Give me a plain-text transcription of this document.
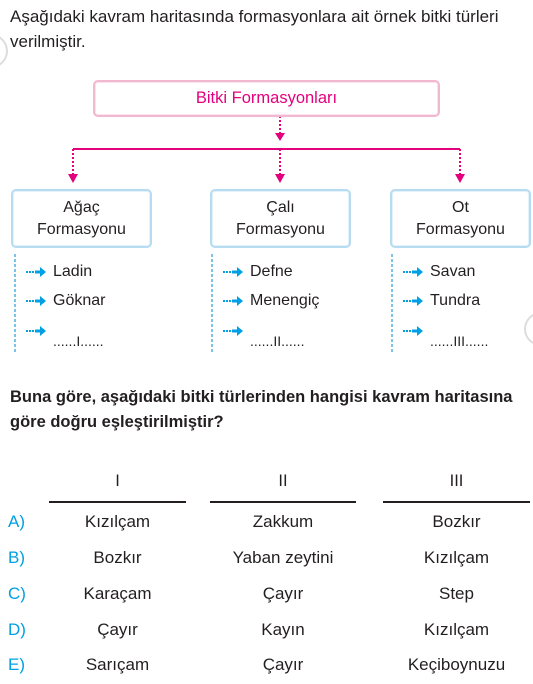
Aşağıdaki kavram haritasında formasyonlara ait örnek bitki türleri verilmiştir.
Bitki Formasyonları
Ağaç
Formasyonu
Çalı
Formasyonu
Ot
Formasyonu
Ladin
Göknar
......I......
Defne
Menengiç
......II......
Savan
Tundra
......III......
Buna göre, aşağıdaki bitki türlerinden hangisi kavram haritasına göre doğru eşleştirilmiştir?
I	II	III
A)	Kızılçam	Zakkum	Bozkır
B)	Bozkır	Yaban zeytini	Kızılçam
C)	Karaçam	Çayır	Step
D)	Çayır	Kayın	Kızılçam
E)	Sarıçam	Çayır	Keçiboynuzu
